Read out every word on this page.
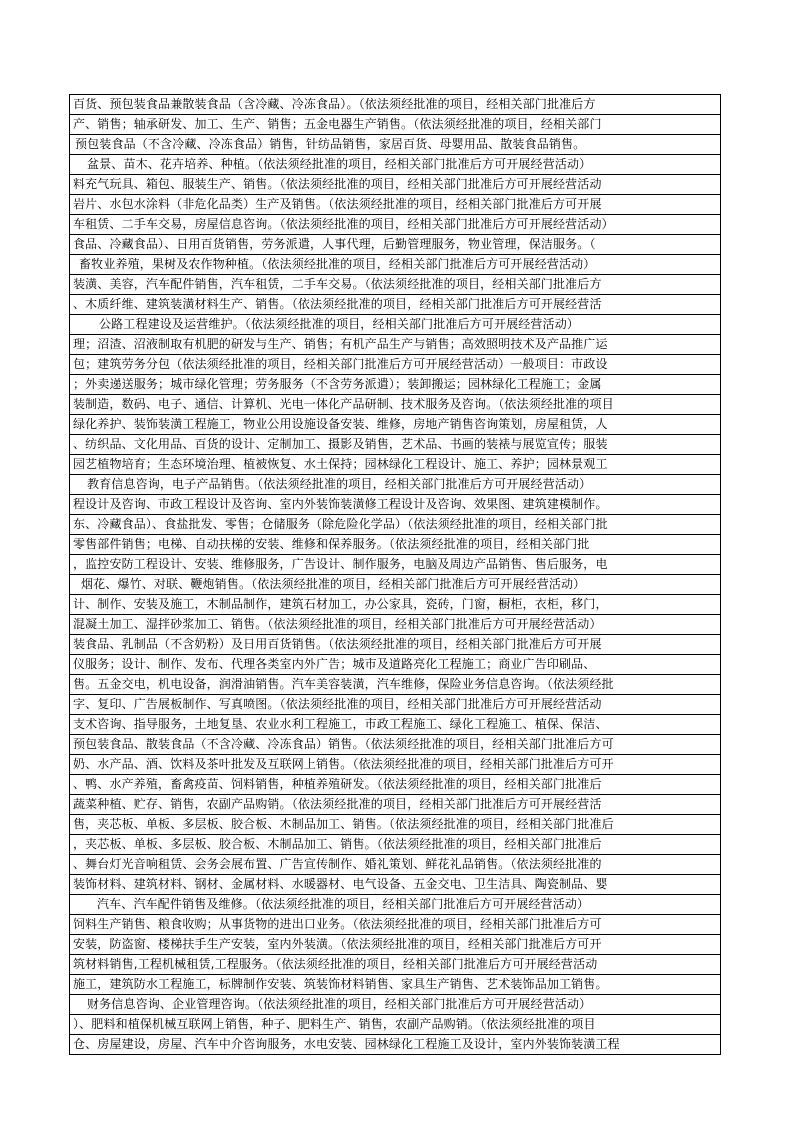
百货、预包装食品兼散装食品（含冷藏、冷冻食品）。（依法须经批准的项目，经相关部门批准后方
产、销售；轴承研发、加工、生产、销售；五金电器生产销售。（依法须经批准的项目，经相关部门
预包装食品（不含冷藏、冷冻食品）销售，针纺品销售，家居百货、母婴用品、散装食品销售。
盆景、苗木、花卉培养、种植。（依法须经批准的项目，经相关部门批准后方可开展经营活动）
料充气玩具、箱包、服装生产、销售。（依法须经批准的项目，经相关部门批准后方可开展经营活动
岩片、水包水涂料（非危化品类）生产及销售。（依法须经批准的项目，经相关部门批准后方可开展
车租赁、二手车交易，房屋信息咨询。（依法须经批准的项目，经相关部门批准后方可开展经营活动）
食品、冷藏食品）、日用百货销售，劳务派遣，人事代理，后勤管理服务，物业管理，保洁服务。（
畜牧业养殖，果树及农作物种植。（依法须经批准的项目，经相关部门批准后方可开展经营活动）
装潢、美容，汽车配件销售，汽车租赁，二手车交易。（依法须经批准的项目，经相关部门批准后方
、木质纤维、建筑装潢材料生产、销售。（依法须经批准的项目，经相关部门批准后方可开展经营活
公路工程建设及运营维护。（依法须经批准的项目，经相关部门批准后方可开展经营活动）
理；沼渣、沼液制取有机肥的研发与生产、销售；有机产品生产与销售；高效照明技术及产品推广运
包；建筑劳务分包（依法须经批准的项目，经相关部门批准后方可开展经营活动）一般项目：市政设
；外卖递送服务；城市绿化管理；劳务服务（不含劳务派遣）；装卸搬运；园林绿化工程施工；金属
装制造，数码、电子、通信、计算机、光电一体化产品研制、技术服务及咨询。（依法须经批准的项目
绿化养护、装饰装潢工程施工，物业公用设施设备安装、维修，房地产销售咨询策划，房屋租赁，人
、纺织品、文化用品、百货的设计、定制加工、摄影及销售，艺术品、书画的装裱与展览宣传；服装
园艺植物培育；生态环境治理、植被恢复、水土保持；园林绿化工程设计、施工、养护；园林景观工
教育信息咨询，电子产品销售。（依法须经批准的项目，经相关部门批准后方可开展经营活动）
程设计及咨询、市政工程设计及咨询、室内外装饰装潢修工程设计及咨询、效果图、建筑建模制作。
东、冷藏食品）、食盐批发、零售；仓储服务（除危险化学品）（依法须经批准的项目，经相关部门批
零售部件销售；电梯、自动扶梯的安装、维修和保养服务。（依法须经批准的项目，经相关部门批
，监控安防工程设计、安装、维修服务，广告设计、制作服务，电脑及周边产品销售、售后服务，电
烟花、爆竹、对联、鞭炮销售。（依法须经批准的项目，经相关部门批准后方可开展经营活动）
计、制作、安装及施工，木制品制作，建筑石材加工，办公家具，瓷砖，门窗，橱柜，衣柜，移门，
混凝土加工、湿拌砂浆加工、销售。（依法须经批准的项目，经相关部门批准后方可开展经营活动）
装食品、乳制品（不含奶粉）及日用百货销售。（依法须经批准的项目，经相关部门批准后方可开展
仪服务；设计、制作、发布、代理各类室内外广告；城市及道路亮化工程施工；商业广告印刷品、
售。五金交电，机电设备，润滑油销售。汽车美容装潢，汽车维修，保险业务信息咨询。（依法须经批
字、复印、广告展板制作、写真喷图。（依法须经批准的项目，经相关部门批准后方可开展经营活动
支术咨询、指导服务，土地复垦、农业水利工程施工，市政工程施工、绿化工程施工、植保、保洁、
预包装食品、散装食品（不含冷藏、冷冻食品）销售。（依法须经批准的项目，经相关部门批准后方可
奶、水产品、酒、饮料及茶叶批发及互联网上销售。（依法须经批准的项目，经相关部门批准后方可开
、鸭、水产养殖，畜禽疫苗、饲料销售，种植养殖研发。（依法须经批准的项目，经相关部门批准后
蔬菜种植、贮存、销售，农副产品购销。（依法须经批准的项目，经相关部门批准后方可开展经营活
售，夹芯板、单板、多层板、胶合板、木制品加工、销售。（依法须经批准的项目，经相关部门批准后
，夹芯板、单板、多层板、胶合板、木制品加工、销售。（依法须经批准的项目，经相关部门批准后
、舞台灯光音响租赁、会务会展布置、广告宣传制作、婚礼策划、鲜花礼品销售。（依法须经批准的
装饰材料、建筑材料、钢材、金属材料、水暖器材、电气设备、五金交电、卫生洁具、陶瓷制品、婴
汽车、汽车配件销售及维修。（依法须经批准的项目，经相关部门批准后方可开展经营活动）
饲料生产销售、粮食收购；从事货物的进出口业务。（依法须经批准的项目，经相关部门批准后方可
安装，防盗窗、楼梯扶手生产安装，室内外装潢。（依法须经批准的项目，经相关部门批准后方可开
筑材料销售,工程机械租赁,工程服务。（依法须经批准的项目，经相关部门批准后方可开展经营活动
施工，建筑防水工程施工，标牌制作安装、筑装饰材料销售、家具生产销售、艺术装饰品加工销售。
财务信息咨询、企业管理咨询。（依法须经批准的项目，经相关部门批准后方可开展经营活动）
）、肥料和植保机械互联网上销售，种子、肥料生产、销售，农副产品购销。（依法须经批准的项目
仓、房屋建设，房屋、汽车中介咨询服务，水电安装、园林绿化工程施工及设计，室内外装饰装潢工程
